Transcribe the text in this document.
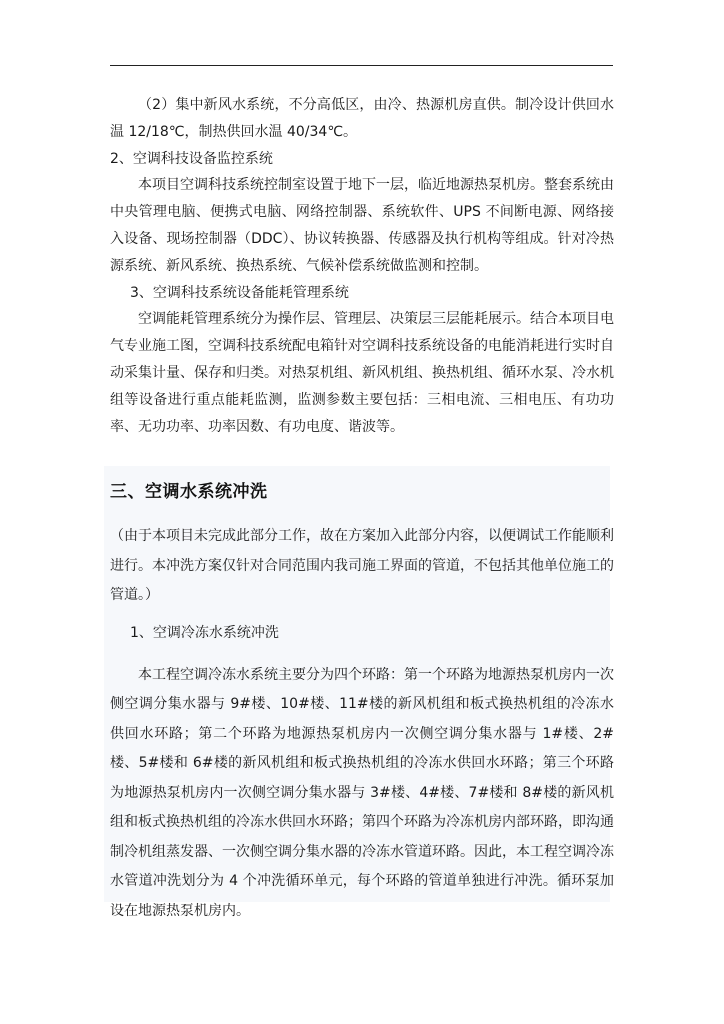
（2）集中新风水系统，不分高低区，由冷、热源机房直供。制冷设计供回水温 12/18℃，制热供回水温 40/34℃。

2、空调科技设备监控系统

本项目空调科技系统控制室设置于地下一层，临近地源热泵机房。整套系统由中央管理电脑、便携式电脑、网络控制器、系统软件、UPS 不间断电源、网络接入设备、现场控制器（DDC）、协议转换器、传感器及执行机构等组成。针对冷热源系统、新风系统、换热系统、气候补偿系统做监测和控制。

3、空调科技系统设备能耗管理系统

空调能耗管理系统分为操作层、管理层、决策层三层能耗展示。结合本项目电气专业施工图，空调科技系统配电箱针对空调科技系统设备的电能消耗进行实时自动采集计量、保存和归类。对热泵机组、新风机组、换热机组、循环水泵、冷水机组等设备进行重点能耗监测，监测参数主要包括：三相电流、三相电压、有功功率、无功功率、功率因数、有功电度、谐波等。

三、空调水系统冲洗

（由于本项目未完成此部分工作，故在方案加入此部分内容，以便调试工作能顺利进行。本冲洗方案仅针对合同范围内我司施工界面的管道，不包括其他单位施工的管道。）

1、空调冷冻水系统冲洗

本工程空调冷冻水系统主要分为四个环路：第一个环路为地源热泵机房内一次侧空调分集水器与 9#楼、10#楼、11#楼的新风机组和板式换热机组的冷冻水供回水环路；第二个环路为地源热泵机房内一次侧空调分集水器与 1#楼、2#楼、5#楼和 6#楼的新风机组和板式换热机组的冷冻水供回水环路；第三个环路为地源热泵机房内一次侧空调分集水器与 3#楼、4#楼、7#楼和 8#楼的新风机组和板式换热机组的冷冻水供回水环路；第四个环路为冷冻机房内部环路，即沟通制冷机组蒸发器、一次侧空调分集水器的冷冻水管道环路。因此，本工程空调冷冻水管道冲洗划分为 4 个冲洗循环单元，每个环路的管道单独进行冲洗。循环泵加设在地源热泵机房内。
